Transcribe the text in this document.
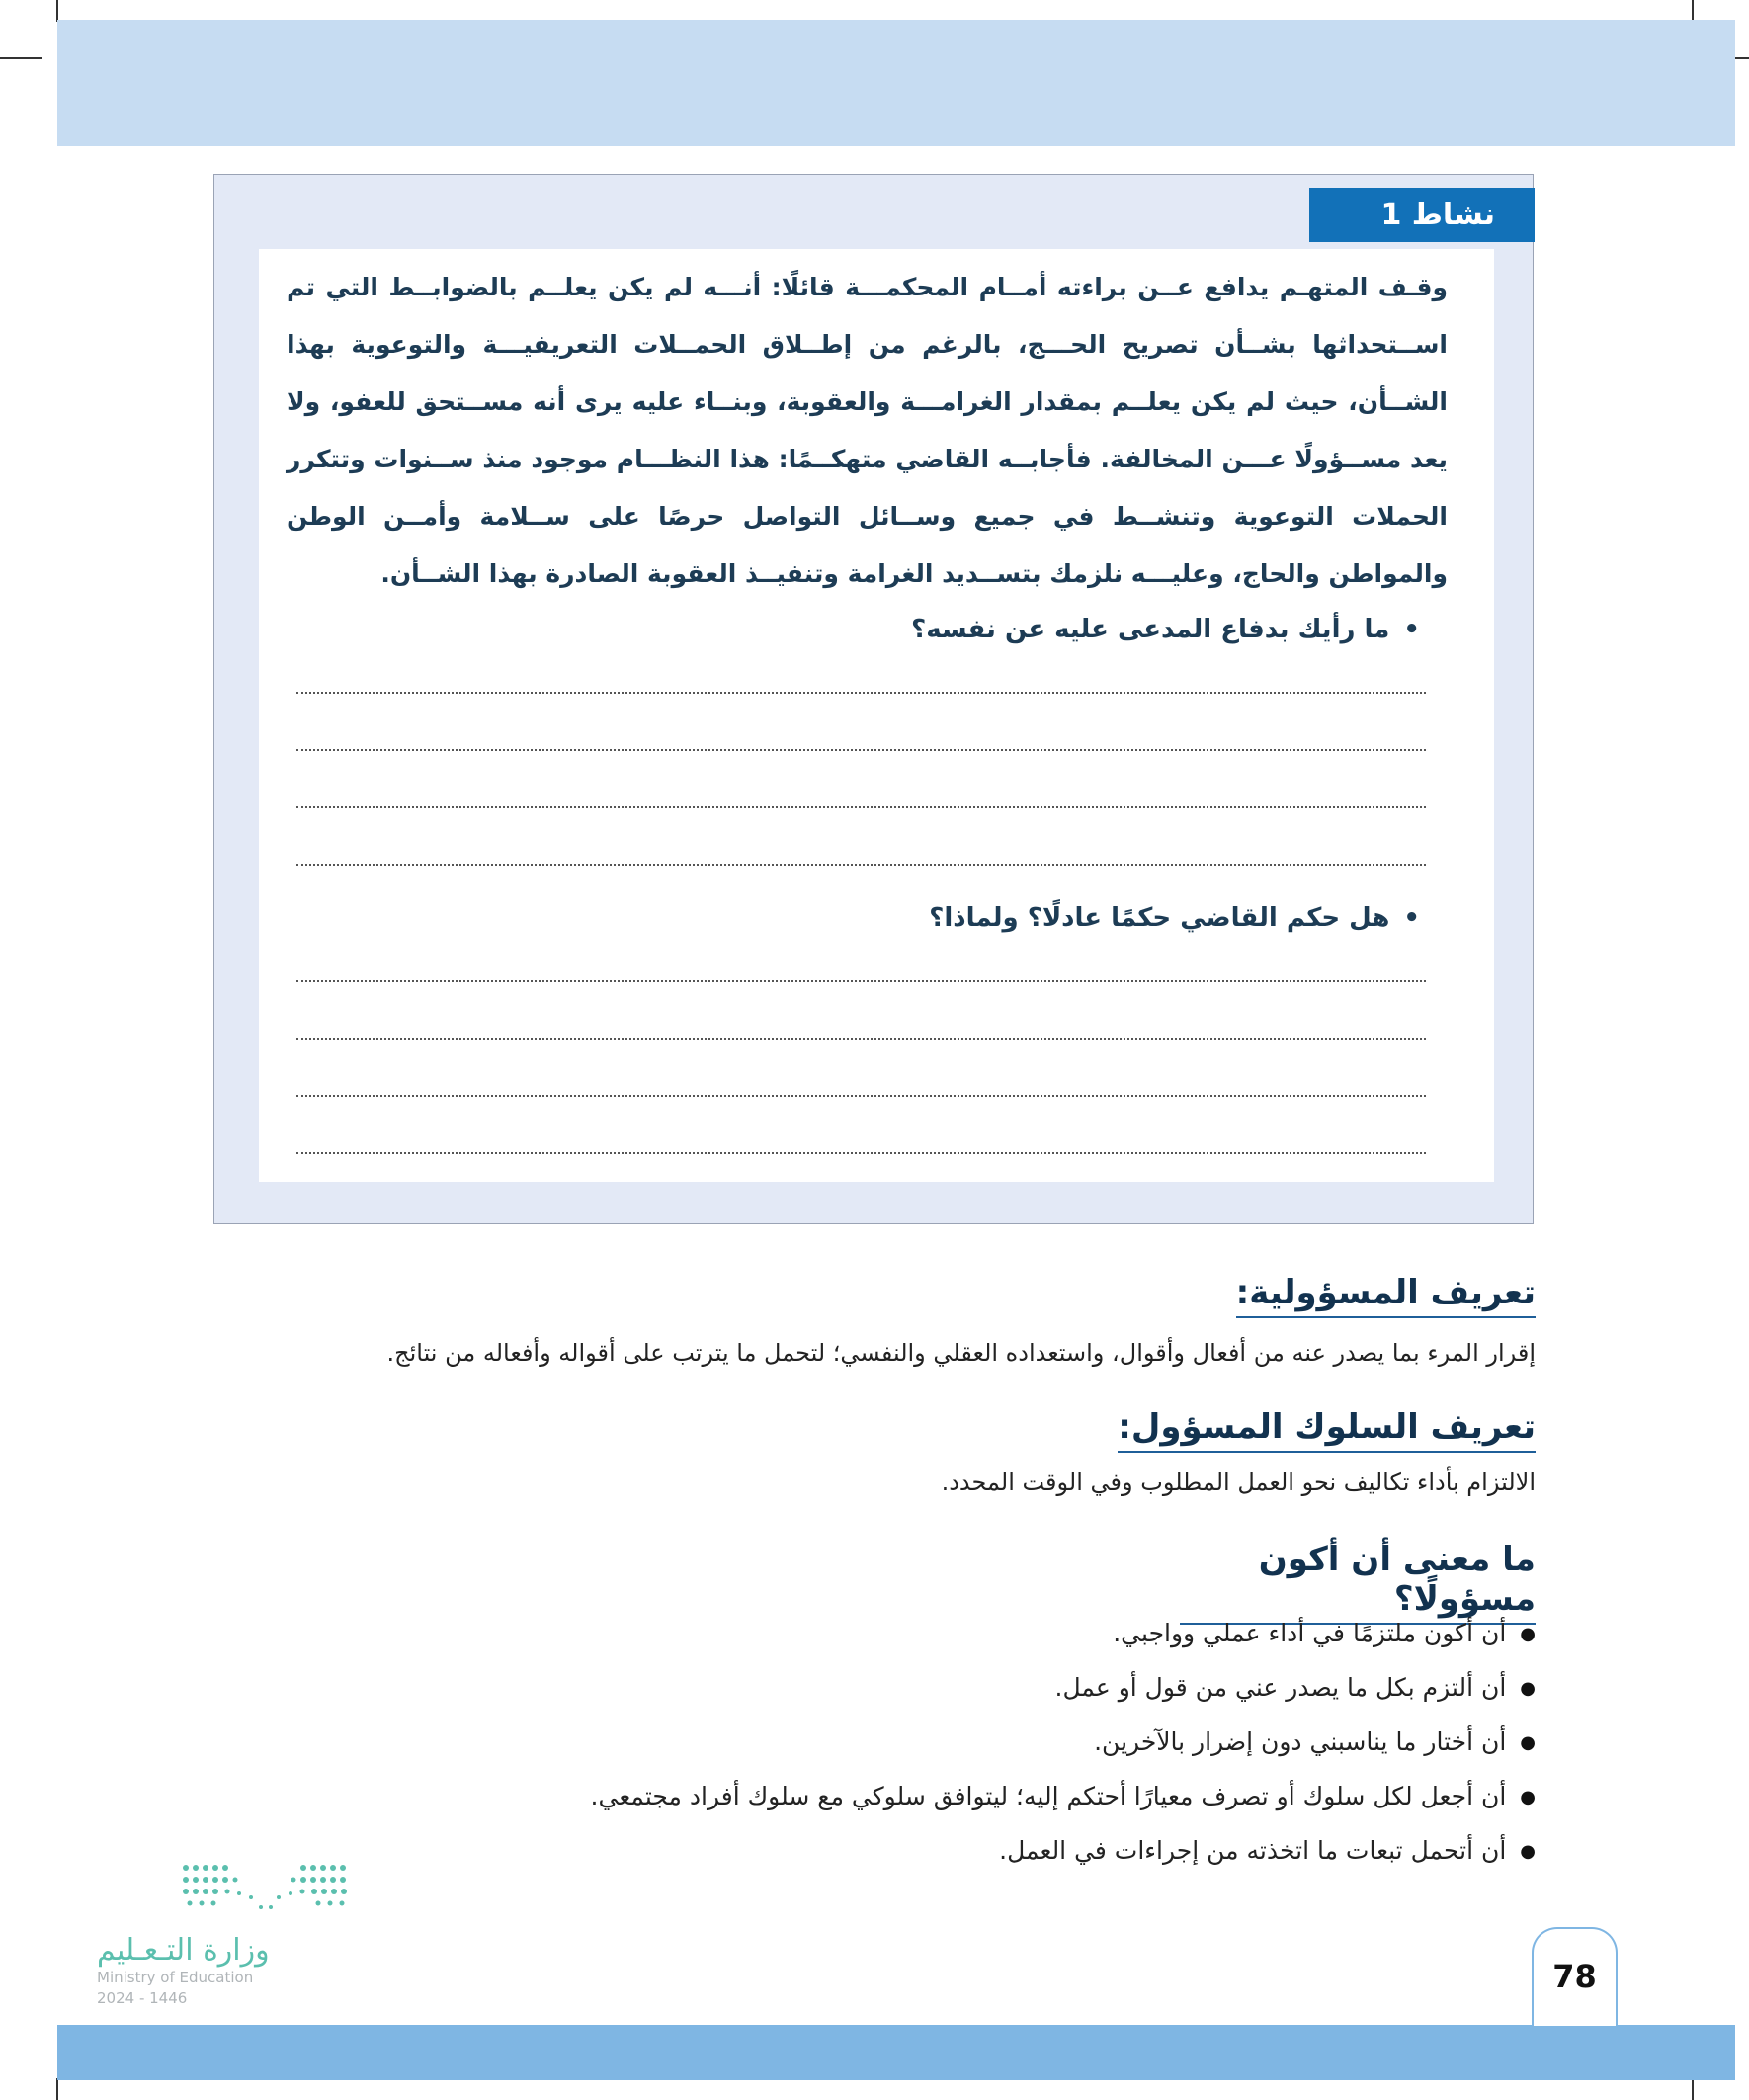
نشاط 1

وقـف المتهـم يدافع عــن براءته أمــام المحكمـــة قائلًا: أنـــه لم يكن يعلــم بالضوابــط التي تم اســتحداثها بشــأن تصريح الحـــج، بالرغم من إطــلاق الحمــلات التعريفيـــة والتوعوية بهذا الشــأن، حيث لم يكن يعلــم بمقدار الغرامـــة والعقوبة، وبنــاء عليه يرى أنه مســتحق للعفو، ولا يعد مســؤولًا عـــن المخالفة. فأجابــه القاضي متهكــمًا: هذا النظـــام موجود منذ ســنوات وتتكرر الحملات التوعوية وتنشــط في جميع وســائل التواصل حرصًا على ســلامة وأمــن الوطن والمواطن والحاج، وعليـــه نلزمك بتســديد الغرامة وتنفيــذ العقوبة الصادرة بهذا الشــأن.

•ما رأيك بدفاع المدعى عليه عن نفسه؟

•هل حكم القاضي حكمًا عادلًا؟ ولماذا؟

تعريف المسؤولية:

إقرار المرء بما يصدر عنه من أفعال وأقوال، واستعداده العقلي والنفسي؛ لتحمل ما يترتب على أقواله وأفعاله من نتائج.

تعريف السلوك المسؤول:

الالتزام بأداء تكاليف نحو العمل المطلوب وفي الوقت المحدد.

ما معنى أن أكون مسؤولًا؟
● أن أكون ملتزمًا في أداء عملي وواجبي.
● أن ألتزم بكل ما يصدر عني من قول أو عمل.
● أن أختار ما يناسبني دون إضرار بالآخرين.
● أن أجعل لكل سلوك أو تصرف معيارًا أحتكم إليه؛ ليتوافق سلوكي مع سلوك أفراد مجتمعي.
● أن أتحمل تبعات ما اتخذته من إجراءات في العمل.

وزارة التـعـليم

Ministry of Education

2024 - 1446

78
